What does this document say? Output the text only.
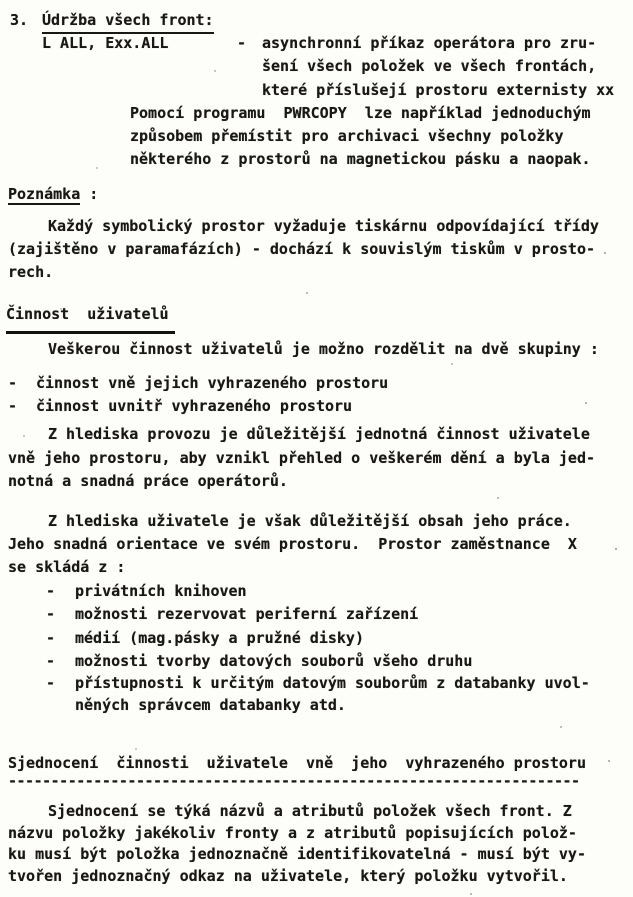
3. Údržba všech front:
L ALL, Exx.ALL	- asynchronní příkaz operátora pro zru-
šení všech položek ve všech frontách,
které příslušejí prostoru externisty xx
Pomocí programu  PWRCOPY  lze například jednoduchým
způsobem přemístit pro archivaci všechny položky
některého z prostorů na magnetickou pásku a naopak.
Poznámka :
Každý symbolický prostor vyžaduje tiskárnu odpovídající třídy
(zajištěno v paramafázích) - dochází k souvislým tiskům v prosto-
rech.
Činnost  uživatelů
Veškerou činnost uživatelů je možno rozdělit na dvě skupiny :
- činnost vně jejich vyhrazeného prostoru
- činnost uvnitř vyhrazeného prostoru
Z hlediska provozu je důležitější jednotná činnost uživatele
vně jeho prostoru, aby vznikl přehled o veškerém dění a byla jed-
notná a snadná práce operátorů.
Z hlediska uživatele je však důležitější obsah jeho práce.
Jeho snadná orientace ve svém prostoru.  Prostor zaměstnance  X
se skládá z :
- privátních knihoven
- možnosti rezervovat periferní zařízení
- médií (mag.pásky a pružné disky)
- možnosti tvorby datových souborů všeho druhu
- přístupnosti k určitým datovým souborům z databanky uvol-
něných správcem databanky atd.
Sjednocení  činnosti  uživatele  vně  jeho  vyhrazeného prostoru
-------------------------------------------------------------------
Sjednocení se týká názvů a atributů položek všech front. Z
názvu položky jakékoliv fronty a z atributů popisujících polož-
ku musí být položka jednoznačně identifikovatelná - musí být vy-
tvořen jednoznačný odkaz na uživatele, který položku vytvořil.
